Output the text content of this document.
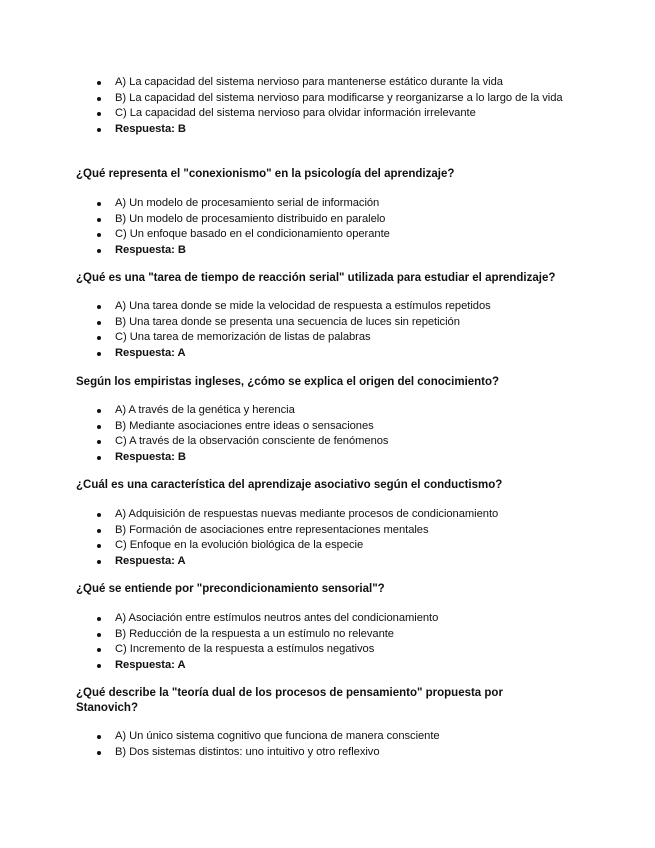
A) La capacidad del sistema nervioso para mantenerse estático durante la vida
B) La capacidad del sistema nervioso para modificarse y reorganizarse a lo largo de la vida
C) La capacidad del sistema nervioso para olvidar información irrelevante
Respuesta: B

¿Qué representa el "conexionismo" en la psicología del aprendizaje?

A) Un modelo de procesamiento serial de información
B) Un modelo de procesamiento distribuido en paralelo
C) Un enfoque basado en el condicionamiento operante
Respuesta: B

¿Qué es una "tarea de tiempo de reacción serial" utilizada para estudiar el aprendizaje?

A) Una tarea donde se mide la velocidad de respuesta a estímulos repetidos
B) Una tarea donde se presenta una secuencia de luces sin repetición
C) Una tarea de memorización de listas de palabras
Respuesta: A

Según los empiristas ingleses, ¿cómo se explica el origen del conocimiento?

A) A través de la genética y herencia
B) Mediante asociaciones entre ideas o sensaciones
C) A través de la observación consciente de fenómenos
Respuesta: B

¿Cuál es una característica del aprendizaje asociativo según el conductismo?

A) Adquisición de respuestas nuevas mediante procesos de condicionamiento
B) Formación de asociaciones entre representaciones mentales
C) Enfoque en la evolución biológica de la especie
Respuesta: A

¿Qué se entiende por "precondicionamiento sensorial"?

A) Asociación entre estímulos neutros antes del condicionamiento
B) Reducción de la respuesta a un estímulo no relevante
C) Incremento de la respuesta a estímulos negativos
Respuesta: A

¿Qué describe la "teoría dual de los procesos de pensamiento" propuesta por Stanovich?

A) Un único sistema cognitivo que funciona de manera consciente
B) Dos sistemas distintos: uno intuitivo y otro reflexivo
